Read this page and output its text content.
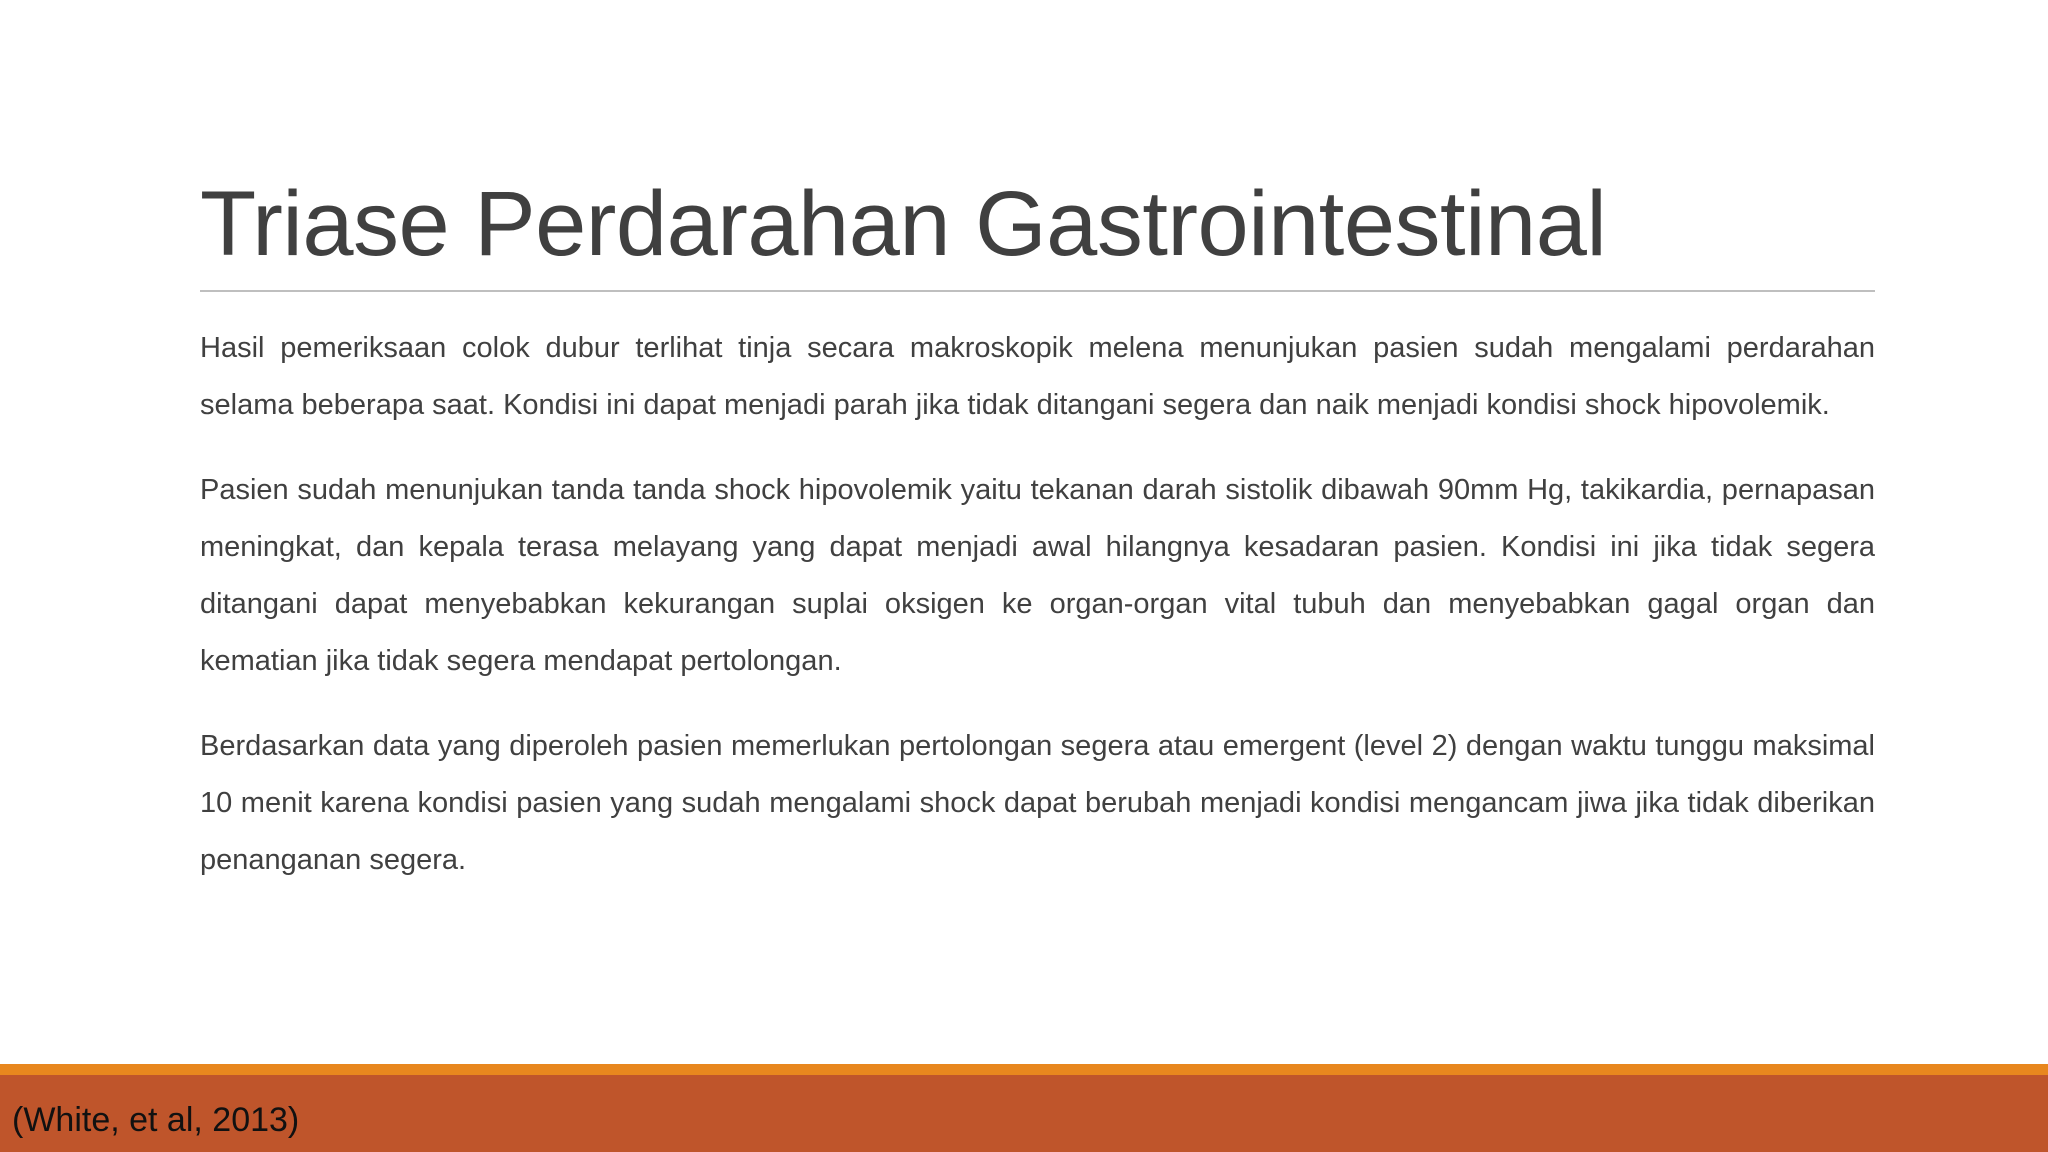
Triase Perdarahan Gastrointestinal

Hasil pemeriksaan colok dubur terlihat tinja secara makroskopik melena menunjukan pasien sudah mengalami perdarahan selama beberapa saat. Kondisi ini dapat menjadi parah jika tidak ditangani segera dan naik menjadi kondisi shock hipovolemik.

Pasien sudah menunjukan tanda tanda shock hipovolemik yaitu tekanan darah sistolik dibawah 90mm Hg, takikardia, pernapasan meningkat, dan kepala terasa melayang yang dapat menjadi awal hilangnya kesadaran pasien. Kondisi ini jika tidak segera ditangani dapat menyebabkan kekurangan suplai oksigen ke organ-organ vital tubuh dan menyebabkan gagal organ dan kematian jika tidak segera mendapat pertolongan.

Berdasarkan data yang diperoleh pasien memerlukan pertolongan segera atau emergent (level 2) dengan waktu tunggu maksimal 10 menit karena kondisi pasien yang sudah mengalami shock dapat berubah menjadi kondisi mengancam jiwa jika tidak diberikan penanganan segera.

(White, et al, 2013)
